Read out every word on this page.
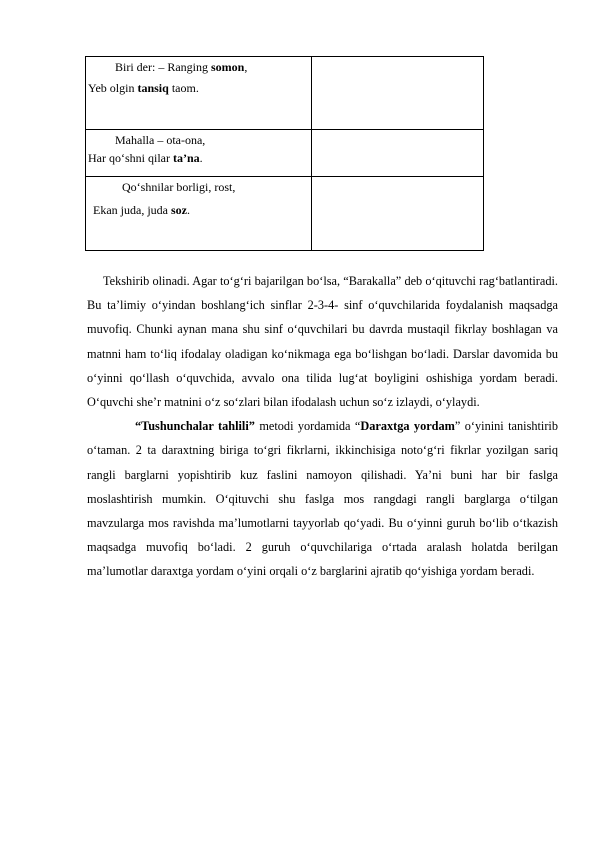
Biri der: – Ranging somon,
Yeb olgin tansiq taom.	

Mahalla – ota-ona,
Har qo‘shni qilar ta’na.	

Qo‘shnilar borligi, rost,
Ekan juda, juda soz.	

Tekshirib olinadi. Agar to‘g‘ri bajarilgan bo‘lsa, “Barakalla” deb o‘qituvchi rag‘batlantiradi. Bu ta’limiy o‘yindan boshlang‘ich sinflar 2-3-4- sinf o‘quvchilarida foydalanish maqsadga muvofiq. Chunki aynan mana shu sinf o‘quvchilari bu davrda mustaqil fikrlay boshlagan va matnni ham to‘liq ifodalay oladigan ko‘nikmaga ega bo‘lishgan bo‘ladi. Darslar davomida bu o‘yinni qo‘llash o‘quvchida, avvalo ona tilida lug‘at boyligini oshishiga yordam beradi. O‘quvchi she’r matnini o‘z so‘zlari bilan ifodalash uchun so‘z izlaydi, o‘ylaydi.

“Tushunchalar tahlili” metodi yordamida “Daraxtga yordam” o‘yinini tanishtirib o‘taman. 2 ta daraxtning biriga to‘gri fikrlarni, ikkinchisiga noto‘g‘ri fikrlar yozilgan sariq rangli barglarni yopishtirib kuz faslini namoyon qilishadi. Ya’ni buni har bir faslga moslashtirish mumkin. O‘qituvchi shu faslga mos rangdagi rangli barglarga o‘tilgan mavzularga mos ravishda ma’lumotlarni tayyorlab qo‘yadi. Bu o‘yinni guruh bo‘lib o‘tkazish maqsadga muvofiq bo‘ladi. 2 guruh o‘quvchilariga o‘rtada aralash holatda berilgan ma’lumotlar daraxtga yordam o‘yini orqali o‘z barglarini ajratib qo‘yishiga yordam beradi.
